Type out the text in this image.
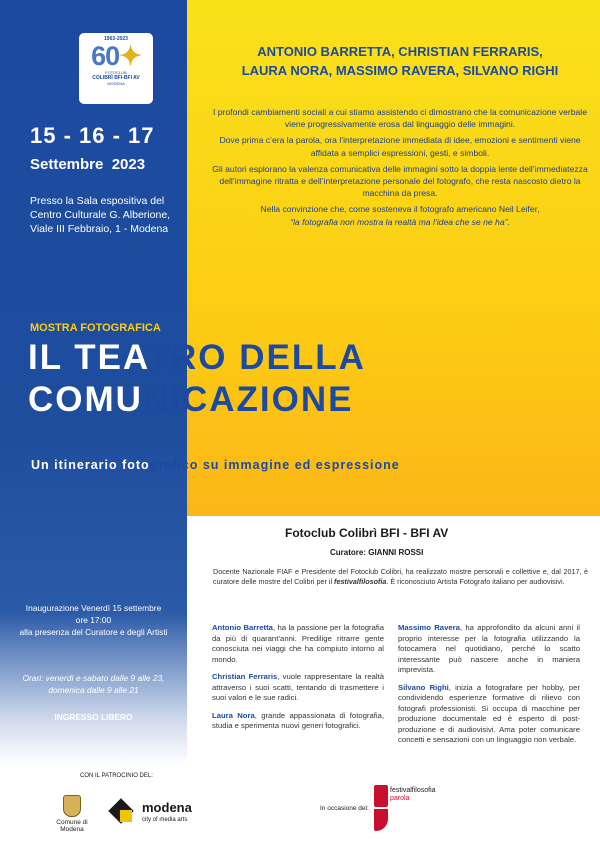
1963-2023
60✦
FOTOCLUB
COLIBRÌ BFI-BFI AV
MODENA
15 - 16 - 17
Settembre  2023
Presso la Sala espositiva del Centro Culturale G. Alberione, Viale III Febbraio, 1 - Modena
ANTONIO BARRETTA, CHRISTIAN FERRARIS,
LAURA NORA, MASSIMO RAVERA, SILVANO RIGHI

I profondi cambiamenti sociali a cui stiamo assistendo ci dimostrano che la comunicazione verbale viene progressivamente erosa dal linguaggio delle immagini.

Dove prima c’era la parola, ora l’interpretazione immediata di idee, emozioni e sentimenti viene affidata a semplici espressioni, gesti, e simboli.

Gli autori esplorano la valenza comunicativa delle immagini sotto la doppia lente dell’immediatezza dell’immagine ritratta e dell’interpretazione personale del fotografo, che resta nascosto dietro la macchina da presa.

Nella convinzione che, come sosteneva il fotografo americano Neil Leifer,

“la fotografia non mostra la realtà ma l’idea che se ne ha”.

MOSTRA FOTOGRAFICA
IL TEATRO DELLA
COMUNICAZIONE
Un itinerario fotografico su immagine ed espressione
Fotoclub Colibrì BFI - BFI AV
Curatore: GIANNI ROSSI
Docente Nazionale FIAF e Presidente del Fotoclub Colibri, ha realizzato mostre personali e collettive e, dal 2017, è curatore delle mostre del Colibri per il festivalfilosofia. È riconosciuto Artista Fotografo italiano per audiovisivi.

Antonio Barretta, ha la passione per la fotografia da più di quarant’anni. Predilige ritrarre gente conosciuta nei viaggi che ha compiuto intorno al mondo.

Christian Ferraris, vuole rappresentare la realtà attraverso i suoi scatti, tentando di trasmettere i suoi valori e le sue radici.

Laura Nora, grande appassionata di fotografia, studia e sperimenta nuovi generi fotografici.

Massimo Ravera, ha approfondito da alcuni anni il proprio interesse per la fotografia utilizzando la fotocamera nel quotidiano, perché lo scatto interessante può nascere anche in maniera imprevista.

Silvano Righi, inizia a fotografare per hobby, per condividendo esperienze formative di rilievo con fotografi professionisti. Si occupa di macchine per produzione documentale ed è esperto di post-produzione e di audiovisivi. Ama poter comunicare concetti e sensazioni con un linguaggio non verbale.

Inaugurazione Venerdì 15 settembre
ore 17:00
alla presenza del Curatore e degli Artisti
Orari: venerdì e sabato dalle 9 alle 23,
domenica dalle 9 alle 21
INGRESSO LIBERO
CON IL PATROCINIO DEL:
Comune di Modena
modena
city of media arts
In occasione del:
festivalfilosofia
parola
